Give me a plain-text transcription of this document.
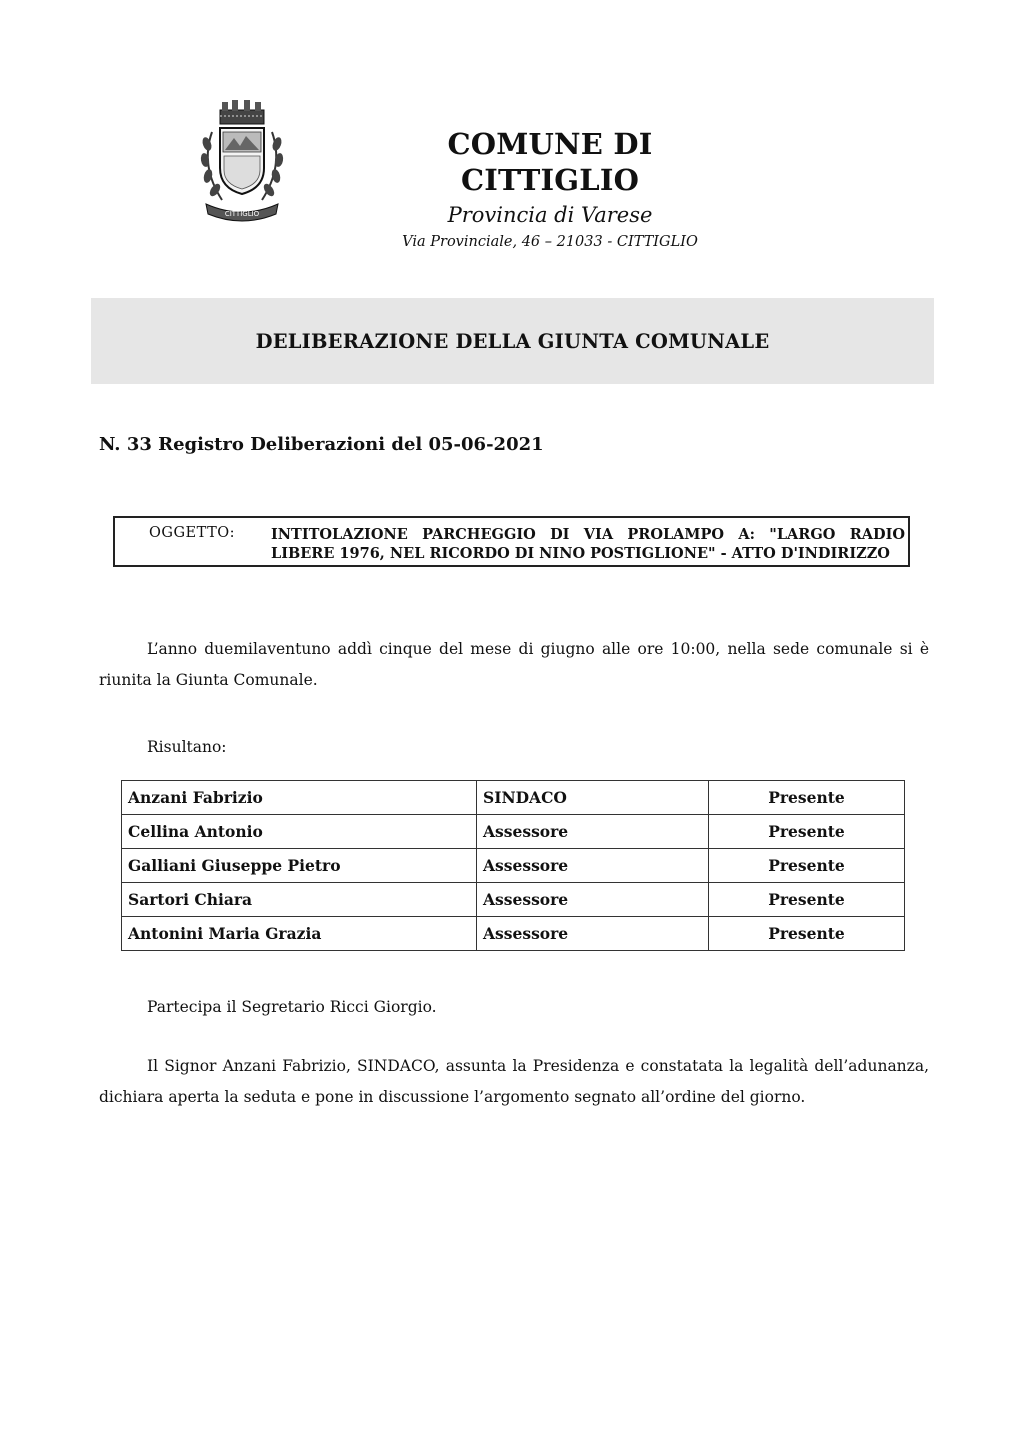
CITTIGLIO
COMUNE DI CITTIGLIO
Provincia di Varese
Via Provinciale, 46 – 21033 - CITTIGLIO
DELIBERAZIONE DELLA GIUNTA COMUNALE
N. 33 Registro Deliberazioni del 05-06-2021
OGGETTO: INTITOLAZIONE PARCHEGGIO DI VIA PROLAMPO A: "LARGO RADIO LIBERE 1976, NEL RICORDO DI NINO POSTIGLIONE" - ATTO D'INDIRIZZO
L’anno duemilaventuno addì cinque del mese di giugno alle ore 10:00, nella sede comunale si è riunita la Giunta Comunale.
Risultano:
Anzani Fabrizio	SINDACO	Presente
Cellina Antonio	Assessore	Presente
Galliani Giuseppe Pietro	Assessore	Presente
Sartori Chiara	Assessore	Presente
Antonini Maria Grazia	Assessore	Presente
Partecipa il Segretario Ricci Giorgio.
Il Signor Anzani Fabrizio, SINDACO, assunta la Presidenza e constatata la legalità dell’adunanza, dichiara aperta la seduta e pone in discussione l’argomento segnato all’ordine del giorno.
